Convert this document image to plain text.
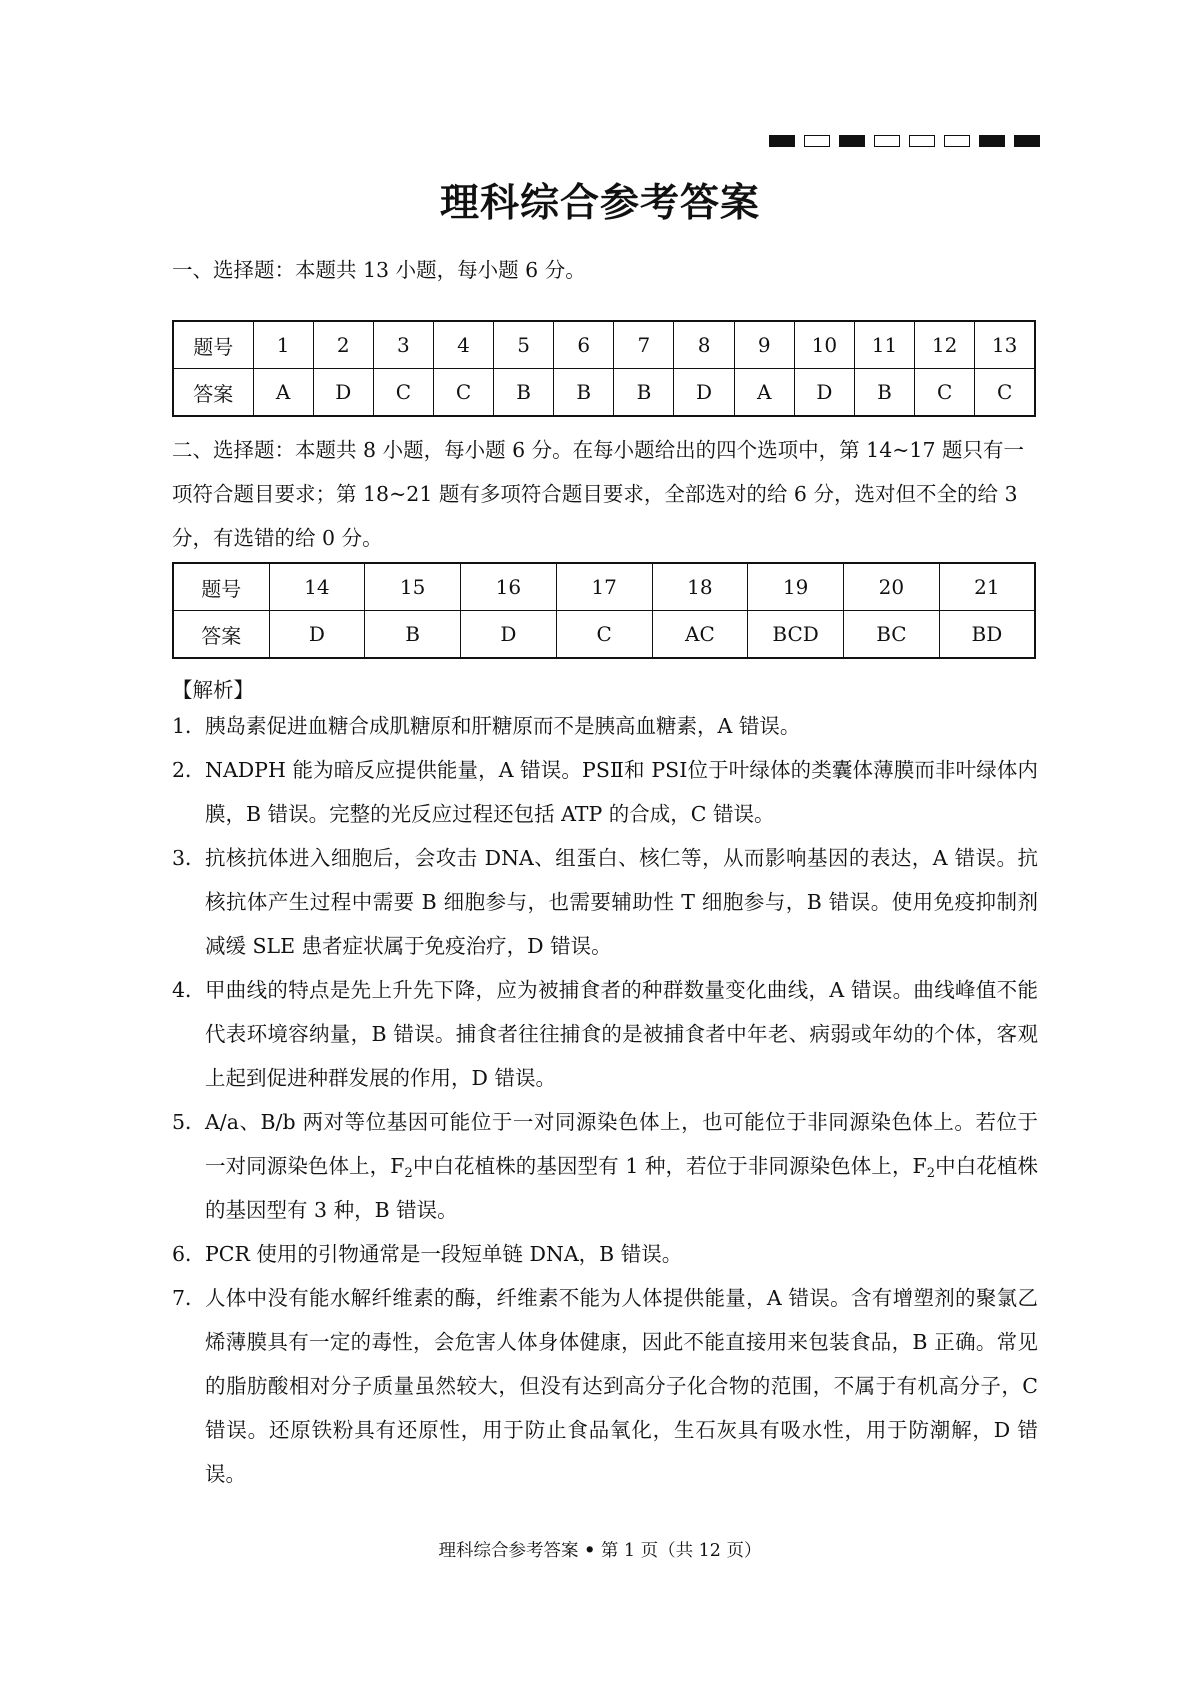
理科综合参考答案
一、选择题：本题共 13 小题，每小题 6 分。
题号	1	2	3	4	5	6	7	8	9	10	11	12	13
答案	A	D	C	C	B	B	B	D	A	D	B	C	C
二、选择题：本题共 8 小题，每小题 6 分。在每小题给出的四个选项中，第 14~17 题只有一项符合题目要求；第 18~21 题有多项符合题目要求，全部选对的给 6 分，选对但不全的给 3 分，有选错的给 0 分。
题号	14	15	16	17	18	19	20	21
答案	D	B	D	C	AC	BCD	BC	BD
【解析】
1． 胰岛素促进血糖合成肌糖原和肝糖原而不是胰高血糖素，A 错误。
2． NADPH 能为暗反应提供能量，A 错误。PSⅡ和 PSⅠ位于叶绿体的类囊体薄膜而非叶绿体内膜，B 错误。完整的光反应过程还包括 ATP 的合成，C 错误。
3． 抗核抗体进入细胞后，会攻击 DNA、组蛋白、核仁等，从而影响基因的表达，A 错误。抗核抗体产生过程中需要 B 细胞参与，也需要辅助性 T 细胞参与，B 错误。使用免疫抑制剂减缓 SLE 患者症状属于免疫治疗，D 错误。
4． 甲曲线的特点是先上升先下降，应为被捕食者的种群数量变化曲线，A 错误。曲线峰值不能代表环境容纳量，B 错误。捕食者往往捕食的是被捕食者中年老、病弱或年幼的个体，客观上起到促进种群发展的作用，D 错误。
5． A/a、B/b 两对等位基因可能位于一对同源染色体上，也可能位于非同源染色体上。若位于一对同源染色体上，$F_2$中白花植株的基因型有 1 种，若位于非同源染色体上，$F_2$中白花植株的基因型有 3 种，B 错误。
6． PCR 使用的引物通常是一段短单链 DNA，B 错误。
7． 人体中没有能水解纤维素的酶，纤维素不能为人体提供能量，A 错误。含有增塑剂的聚氯乙烯薄膜具有一定的毒性，会危害人体身体健康，因此不能直接用来包装食品，B 正确。常见的脂肪酸相对分子质量虽然较大，但没有达到高分子化合物的范围，不属于有机高分子，C 错误。还原铁粉具有还原性，用于防止食品氧化，生石灰具有吸水性，用于防潮解，D 错误。
理科综合参考答案 • 第 1 页（共 12 页）
